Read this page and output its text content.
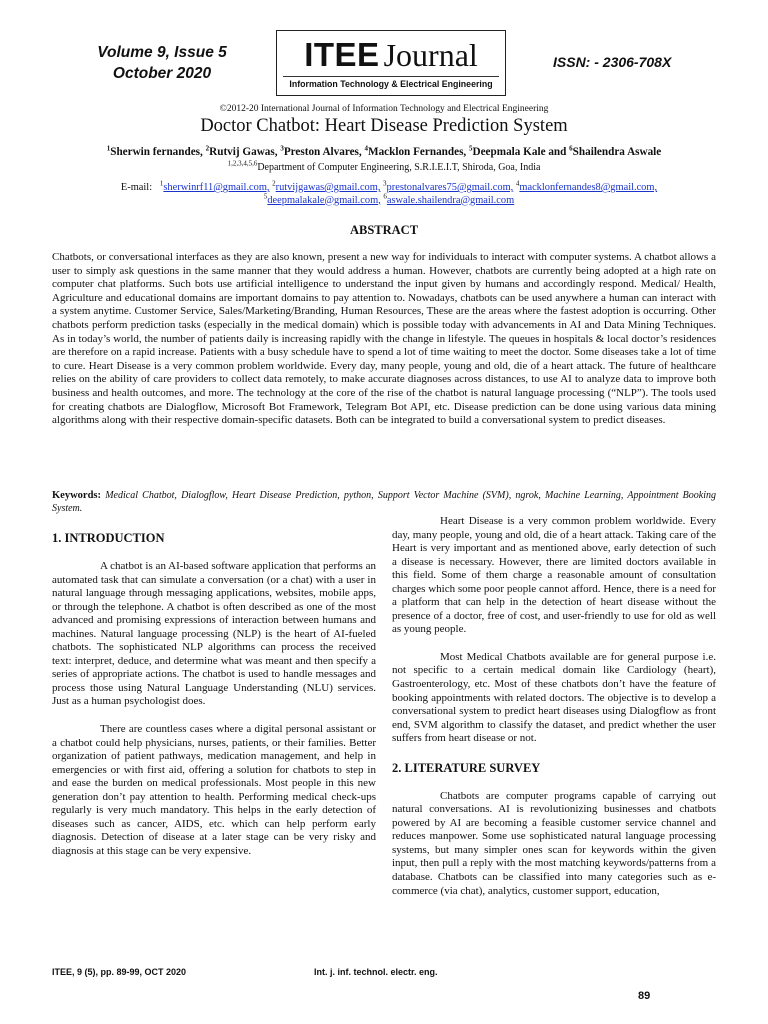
Volume 9, Issue 5
October 2020
ITEE Journal
Information Technology & Electrical Engineering
ISSN: - 2306-708X
©2012-20 International Journal of Information Technology and Electrical Engineering
Doctor Chatbot: Heart Disease Prediction System
$^1$Sherwin fernandes, $^2$Rutvij Gawas, $^3$Preston Alvares, $^4$Macklon Fernandes, $^5$Deepmala Kale and $^6$Shailendra Aswale
$^{1,2,3,4,5,6}$Department of Computer Engineering, S.R.I.E.I.T, Shiroda, Goa, India
E-mail: $^1$sherwinrf11@gmail.com, $^2$rutvijgawas@gmail.com, $^3$prestonalvares75@gmail.com, $^4$macklonfernandes8@gmail.com,
$^5$deepmalakale@gmail.com, $^6$aswale.shailendra@gmail.com
ABSTRACT

Chatbots, or conversational interfaces as they are also known, present a new way for individuals to interact with computer systems. A chatbot allows a user to simply ask questions in the same manner that they would address a human. However, chatbots are currently being adopted at a high rate on computer chat platforms. Such bots use artificial intelligence to understand the input given by humans and accordingly respond. Medical/ Health, Agriculture and educational domains are important domains to pay attention to. Nowadays, chatbots can be used anywhere a human can interact with a system anytime. Customer Service, Sales/Marketing/Branding, Human Resources, These are the areas where the fastest adoption is occurring. Other chatbots perform prediction tasks (especially in the medical domain) which is possible today with advancements in AI and Data Mining Techniques. As in today’s world, the number of patients daily is increasing rapidly with the change in lifestyle. The queues in hospitals & local doctor’s residences are therefore on a rapid increase. Patients with a busy schedule have to spend a lot of time waiting to meet the doctor. Some diseases take a lot of time to cure. Heart Disease is a very common problem worldwide. Every day, many people, young and old, die of a heart attack. The future of healthcare relies on the ability of care providers to collect data remotely, to make accurate diagnoses across distances, to use AI to analyze data to improve both business and health outcomes, and more. The technology at the core of the rise of the chatbot is natural language processing (“NLP”). The tools used for creating chatbots are Dialogflow, Microsoft Bot Framework, Telegram Bot API, etc. Disease prediction can be done using various data mining algorithms along with their respective domain-specific datasets. Both can be integrated to build a conversational system to predict diseases.

Keywords: Medical Chatbot, Dialogflow, Heart Disease Prediction, python, Support Vector Machine (SVM), ngrok, Machine Learning, Appointment Booking System.

1. INTRODUCTION

A chatbot is an AI-based software application that performs an automated task that can simulate a conversation (or a chat) with a user in natural language through messaging applications, websites, mobile apps, or through the telephone. A chatbot is often described as one of the most advanced and promising expressions of interaction between humans and machines. Natural language processing (NLP) is the heart of AI-fueled chatbots. The sophisticated NLP algorithms can process the received text: interpret, deduce, and determine what was meant and then specify a series of appropriate actions. The chatbot is used to handle messages and process those using Natural Language Understanding (NLU) services. Just as a human psychologist does.

There are countless cases where a digital personal assistant or a chatbot could help physicians, nurses, patients, or their families. Better organization of patient pathways, medication management, and help in emergencies or with first aid, offering a solution for chatbots to step in and ease the burden on medical professionals. Most people in this new generation don’t pay attention to health. Performing medical check-ups regularly is very much mandatory. This helps in the early detection of diseases such as cancer, AIDS, etc. which can help perform early diagnosis. Detection of disease at a later stage can be very risky and diagnosis at this stage can be very expensive.

Heart Disease is a very common problem worldwide. Every day, many people, young and old, die of a heart attack. Taking care of the Heart is very important and as mentioned above, early detection of such a disease is necessary. However, there are limited doctors available in this field. Some of them charge a reasonable amount of consultation charges which some poor people cannot afford. Hence, there is a need for a platform that can help in the detection of heart disease without the presence of a doctor, free of cost, and user-friendly to use for old as well as young people.

Most Medical Chatbots available are for general purpose i.e. not specific to a certain medical domain like Cardiology (heart), Gastroenterology, etc. Most of these chatbots don’t have the feature of booking appointments with related doctors. The objective is to develop a conversational system to predict heart diseases using Dialogflow as front end, SVM algorithm to classify the dataset, and predict whether the user suffers from heart disease or not.

2. LITERATURE SURVEY

Chatbots are computer programs capable of carrying out natural conversations. AI is revolutionizing businesses and chatbots powered by AI are becoming a feasible customer service channel and reduces manpower. Some use sophisticated natural language processing systems, but many simpler ones scan for keywords within the given input, then pull a reply with the most matching keywords/patterns from a database. Chatbots can be classified into many categories such as e-commerce (via chat), analytics, customer support, education,

ITEE, 9 (5), pp. 89-99, OCT 2020	Int. j. inf. technol. electr. eng.
89
